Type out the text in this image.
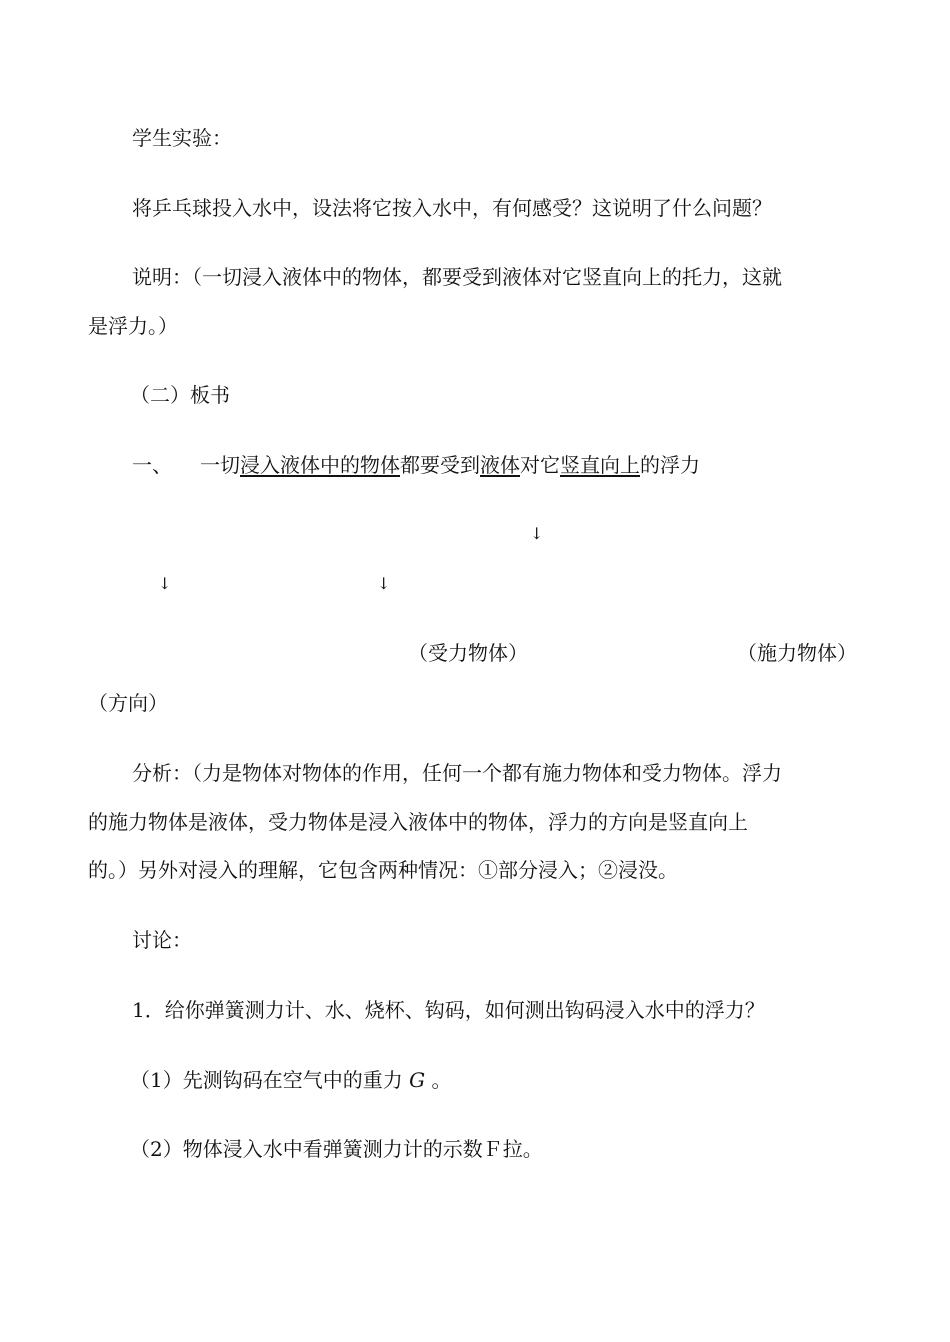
学生实验：
将乒乓球投入水中，设法将它按入水中，有何感受？这说明了什么问题？
说明：（一切浸入液体中的物体，都要受到液体对它竖直向上的托力，这就
是浮力。）
（二）板书
一、 一切浸入液体中的物体都要受到液体对它竖直向上的浮力
↓
↓	↓
（受力物体）	（施力物体）
（方向）
分析：（力是物体对物体的作用，任何一个都有施力物体和受力物体。浮力
的施力物体是液体，受力物体是浸入液体中的物体，浮力的方向是竖直向上
的。）另外对浸入的理解，它包含两种情况：①部分浸入；②浸没。
讨论：
1．给你弹簧测力计、水、烧杯、钩码，如何测出钩码浸入水中的浮力？
（1）先测钩码在空气中的重力 G 。
（2）物体浸入水中看弹簧测力计的示数Ｆ拉。
